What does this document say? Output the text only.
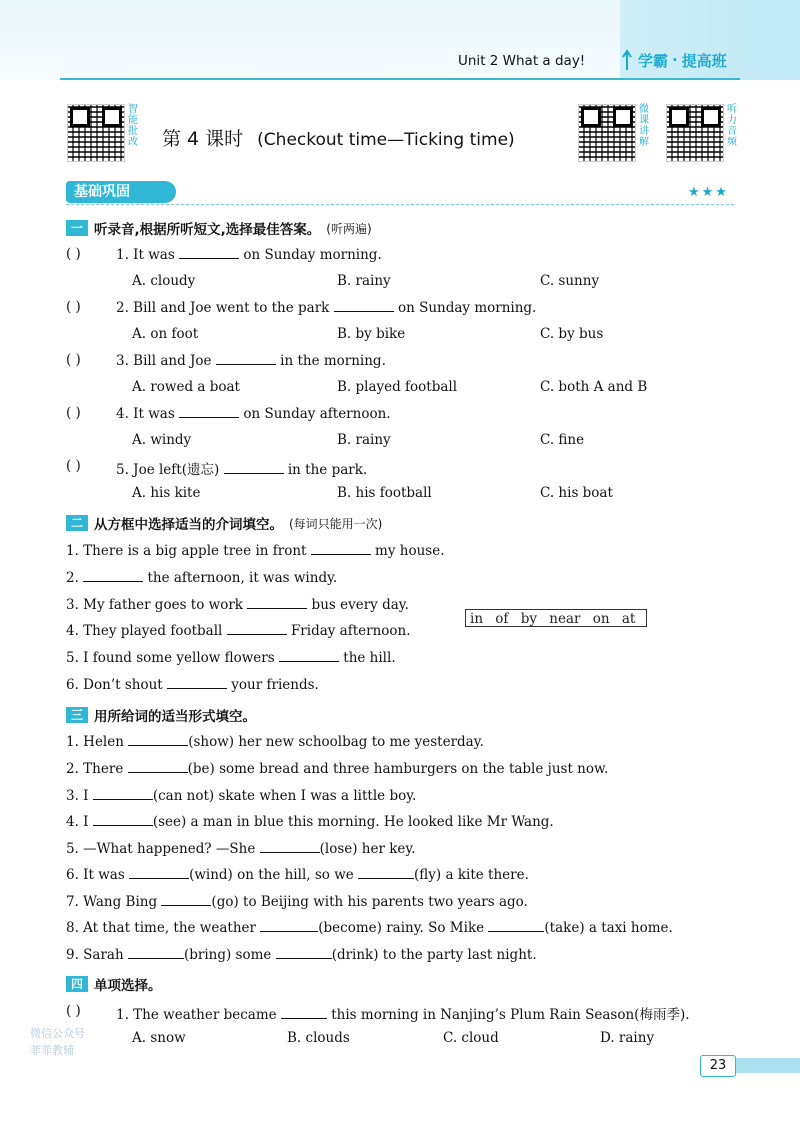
Unit 2 What a day!	学霸 · 提高班
智能批改
微课讲解
听力音频
第 4 课时 (Checkout time—Ticking time)
基础巩固	✎	★★★
一 听录音,根据所听短文,选择最佳答案。 (听两遍)
( )	1. It was	on Sunday morning.
A. cloudy	B. rainy	C. sunny
( )	2. Bill and Joe went to the park	on Sunday morning.
A. on foot	B. by bike	C. by bus
( )	3. Bill and Joe	in the morning.
A. rowed a boat	B. played football	C. both A and B
( )	4. It was	on Sunday afternoon.
A. windy	B. rainy	C. fine
( )	5. Joe left(遗忘)	in the park.
A. his kite	B. his football	C. his boat
二 从方框中选择适当的介词填空。 (每词只能用一次)
1. There is a big apple tree in front	my house.
2.	the afternoon, it was windy.
3. My father goes to work	bus every day.
4. They played football	Friday afternoon.
5. I found some yellow flowers	the hill.
6. Don’t shout	your friends.
in of by near on at
三 用所给词的适当形式填空。
1. Helen	(show) her new schoolbag to me yesterday.
2. There	(be) some bread and three hamburgers on the table just now.
3. I	(can not) skate when I was a little boy.
4. I	(see) a man in blue this morning. He looked like Mr Wang.
5. —What happened? —She	(lose) her key.
6. It was	(wind) on the hill, so we	(fly) a kite there.
7. Wang Bing	(go) to Beijing with his parents two years ago.
8. At that time, the weather	(become) rainy. So Mike	(take) a taxi home.
9. Sarah	(bring) some	(drink) to the party last night.
四 单项选择。
( )	1. The weather became	this morning in Nanjing’s Plum Rain Season(梅雨季).
A. snow	B. clouds	C. cloud	D. rainy
微信公众号
菲菲教辅
23
